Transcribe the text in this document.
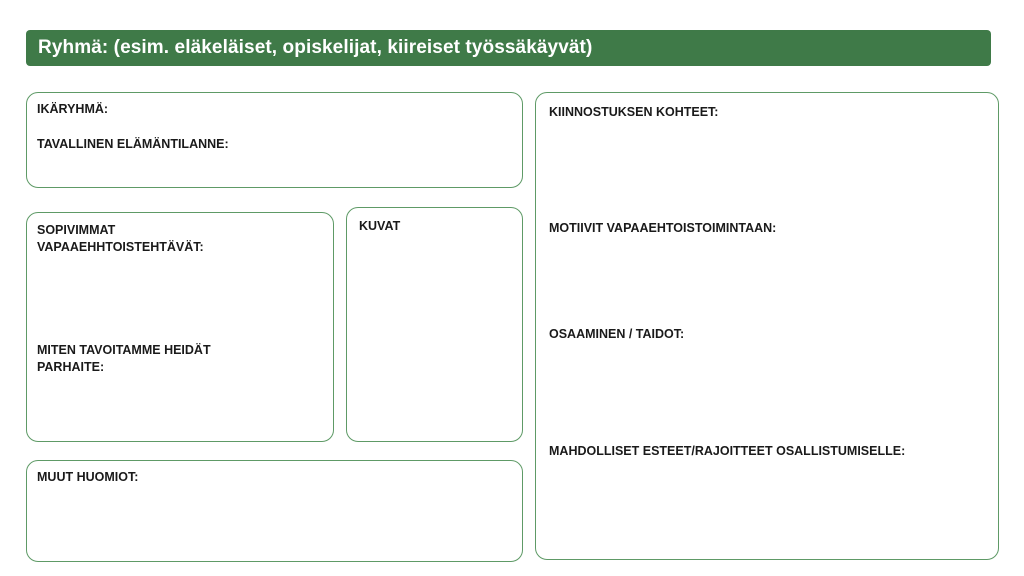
Ryhmä: (esim. eläkeläiset, opiskelijat, kiireiset työssäkäyvät)
IKÄRYHMÄ:
TAVALLINEN ELÄMÄNTILANNE:
SOPIVIMMAT
VAPAAEHHTOISTEHTÄVÄT:
MITEN TAVOITAMME HEIDÄT
PARHAITE:
KUVAT
MUUT HUOMIOT:
KIINNOSTUKSEN KOHTEET:
MOTIIVIT VAPAAEHTOISTOIMINTAAN:
OSAAMINEN / TAIDOT:
MAHDOLLISET ESTEET/RAJOITTEET OSALLISTUMISELLE:
